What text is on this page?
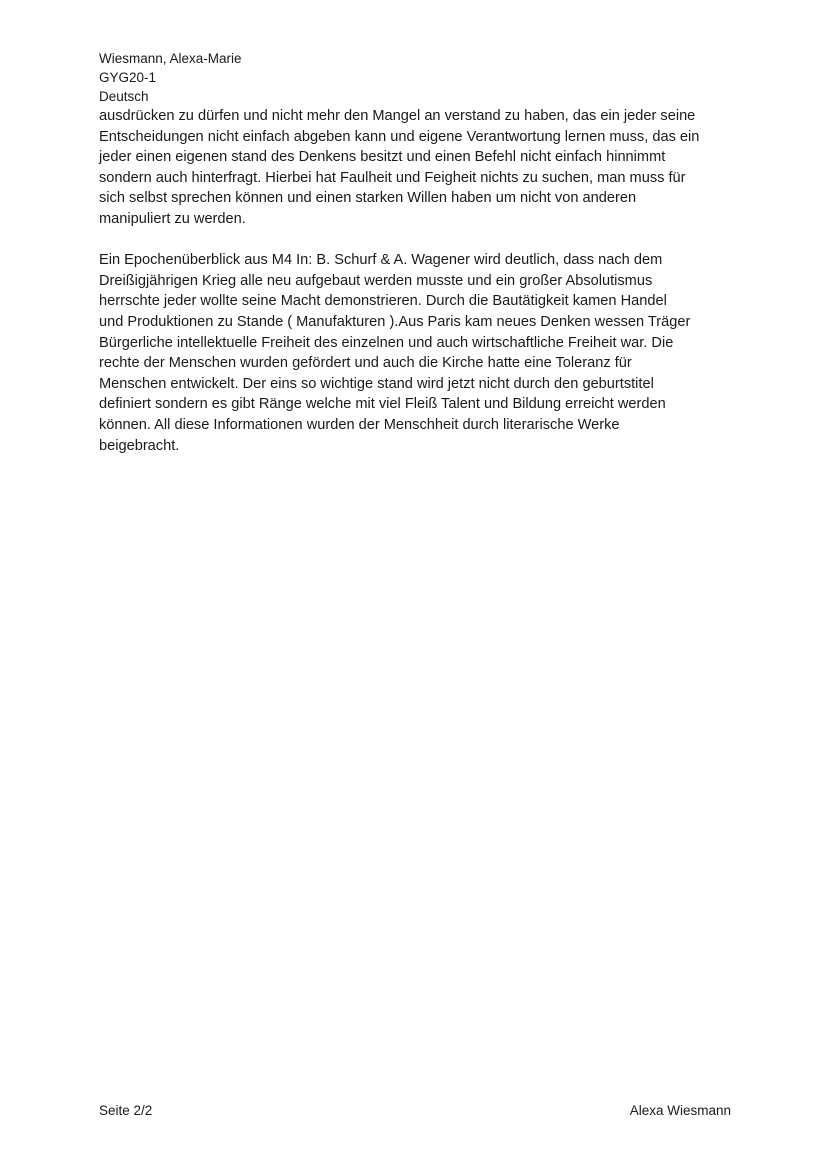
Wiesmann, Alexa-Marie
GYG20-1
Deutsch
ausdrücken zu dürfen und nicht mehr den Mangel an verstand zu haben, das ein jeder seine
Entscheidungen nicht einfach abgeben kann und eigene Verantwortung lernen muss, das ein
jeder einen eigenen stand des Denkens besitzt und einen Befehl nicht einfach hinnimmt
sondern auch hinterfragt. Hierbei hat Faulheit und Feigheit nichts zu suchen, man muss für
sich selbst sprechen können und einen starken Willen haben um nicht von anderen
manipuliert zu werden.
Ein Epochenüberblick aus M4 In: B. Schurf & A. Wagener wird deutlich, dass nach dem
Dreißigjährigen Krieg alle neu aufgebaut werden musste und ein großer Absolutismus
herrschte jeder wollte seine Macht demonstrieren. Durch die Bautätigkeit kamen Handel
und Produktionen zu Stande ( Manufakturen ).Aus Paris kam neues Denken wessen Träger
Bürgerliche intellektuelle Freiheit des einzelnen und auch wirtschaftliche Freiheit war. Die
rechte der Menschen wurden gefördert und auch die Kirche hatte eine Toleranz für
Menschen entwickelt. Der eins so wichtige stand wird jetzt nicht durch den geburtstitel
definiert sondern es gibt Ränge welche mit viel Fleiß Talent und Bildung erreicht werden
können. All diese Informationen wurden der Menschheit durch literarische Werke
beigebracht.
Seite 2/2	Alexa Wiesmann
